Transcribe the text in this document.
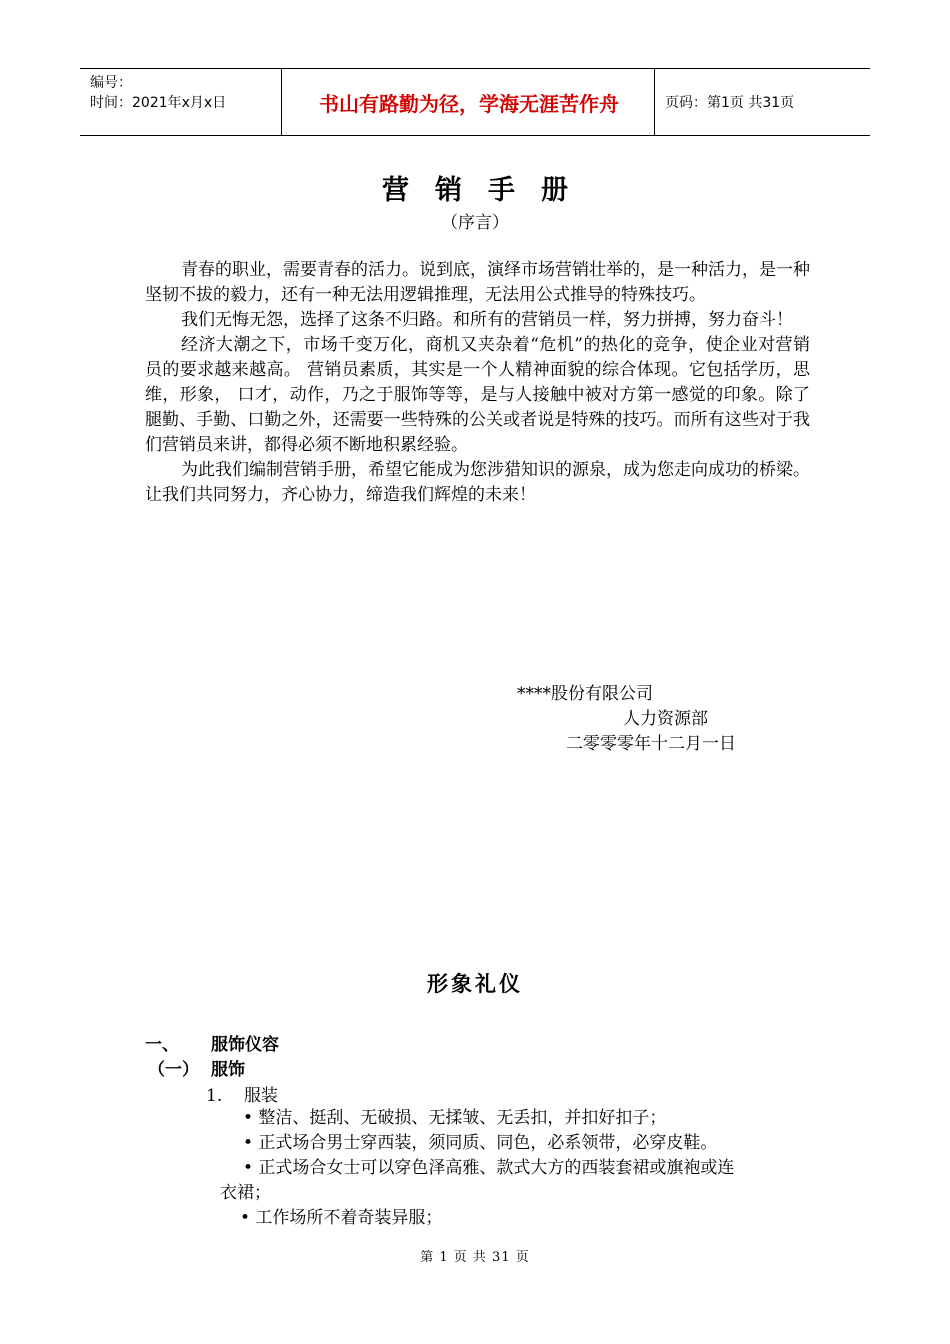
编号：
时间：2021年x月x日	书山有路勤为径，学海无涯苦作舟	页码：第1页 共31页
营销手册
（序言）

青春的职业，需要青春的活力。说到底，演绎市场营销壮举的，是一种活力，是一种坚韧不拔的毅力，还有一种无法用逻辑推理，无法用公式推导的特殊技巧。

我们无悔无怨，选择了这条不归路。和所有的营销员一样，努力拼搏，努力奋斗！

经济大潮之下，市场千变万化，商机又夹杂着“危机”的热化的竞争，使企业对营销员的要求越来越高。 营销员素质，其实是一个人精神面貌的综合体现。它包括学历，思维，形象， 口才，动作，乃之于服饰等等，是与人接触中被对方第一感觉的印象。除了腿勤、手勤、口勤之外，还需要一些特殊的公关或者说是特殊的技巧。而所有这些对于我们营销员来讲，都得必须不断地积累经验。

为此我们编制营销手册，希望它能成为您涉猎知识的源泉，成为您走向成功的桥梁。 让我们共同努力，齐心协力，缔造我们辉煌的未来！

****股份有限公司
人力资源部
二零零零年十二月一日
形象礼仪
一、 服饰仪容
（一） 服饰
1. 服装
• 整洁、挺刮、无破损、无揉皱、无丢扣，并扣好扣子；
• 正式场合男士穿西装，须同质、同色，必系领带，必穿皮鞋。
• 正式场合女士可以穿色泽高雅、款式大方的西装套裙或旗袍或连
衣裙；
• 工作场所不着奇装异服；
第 1 页 共 31 页
